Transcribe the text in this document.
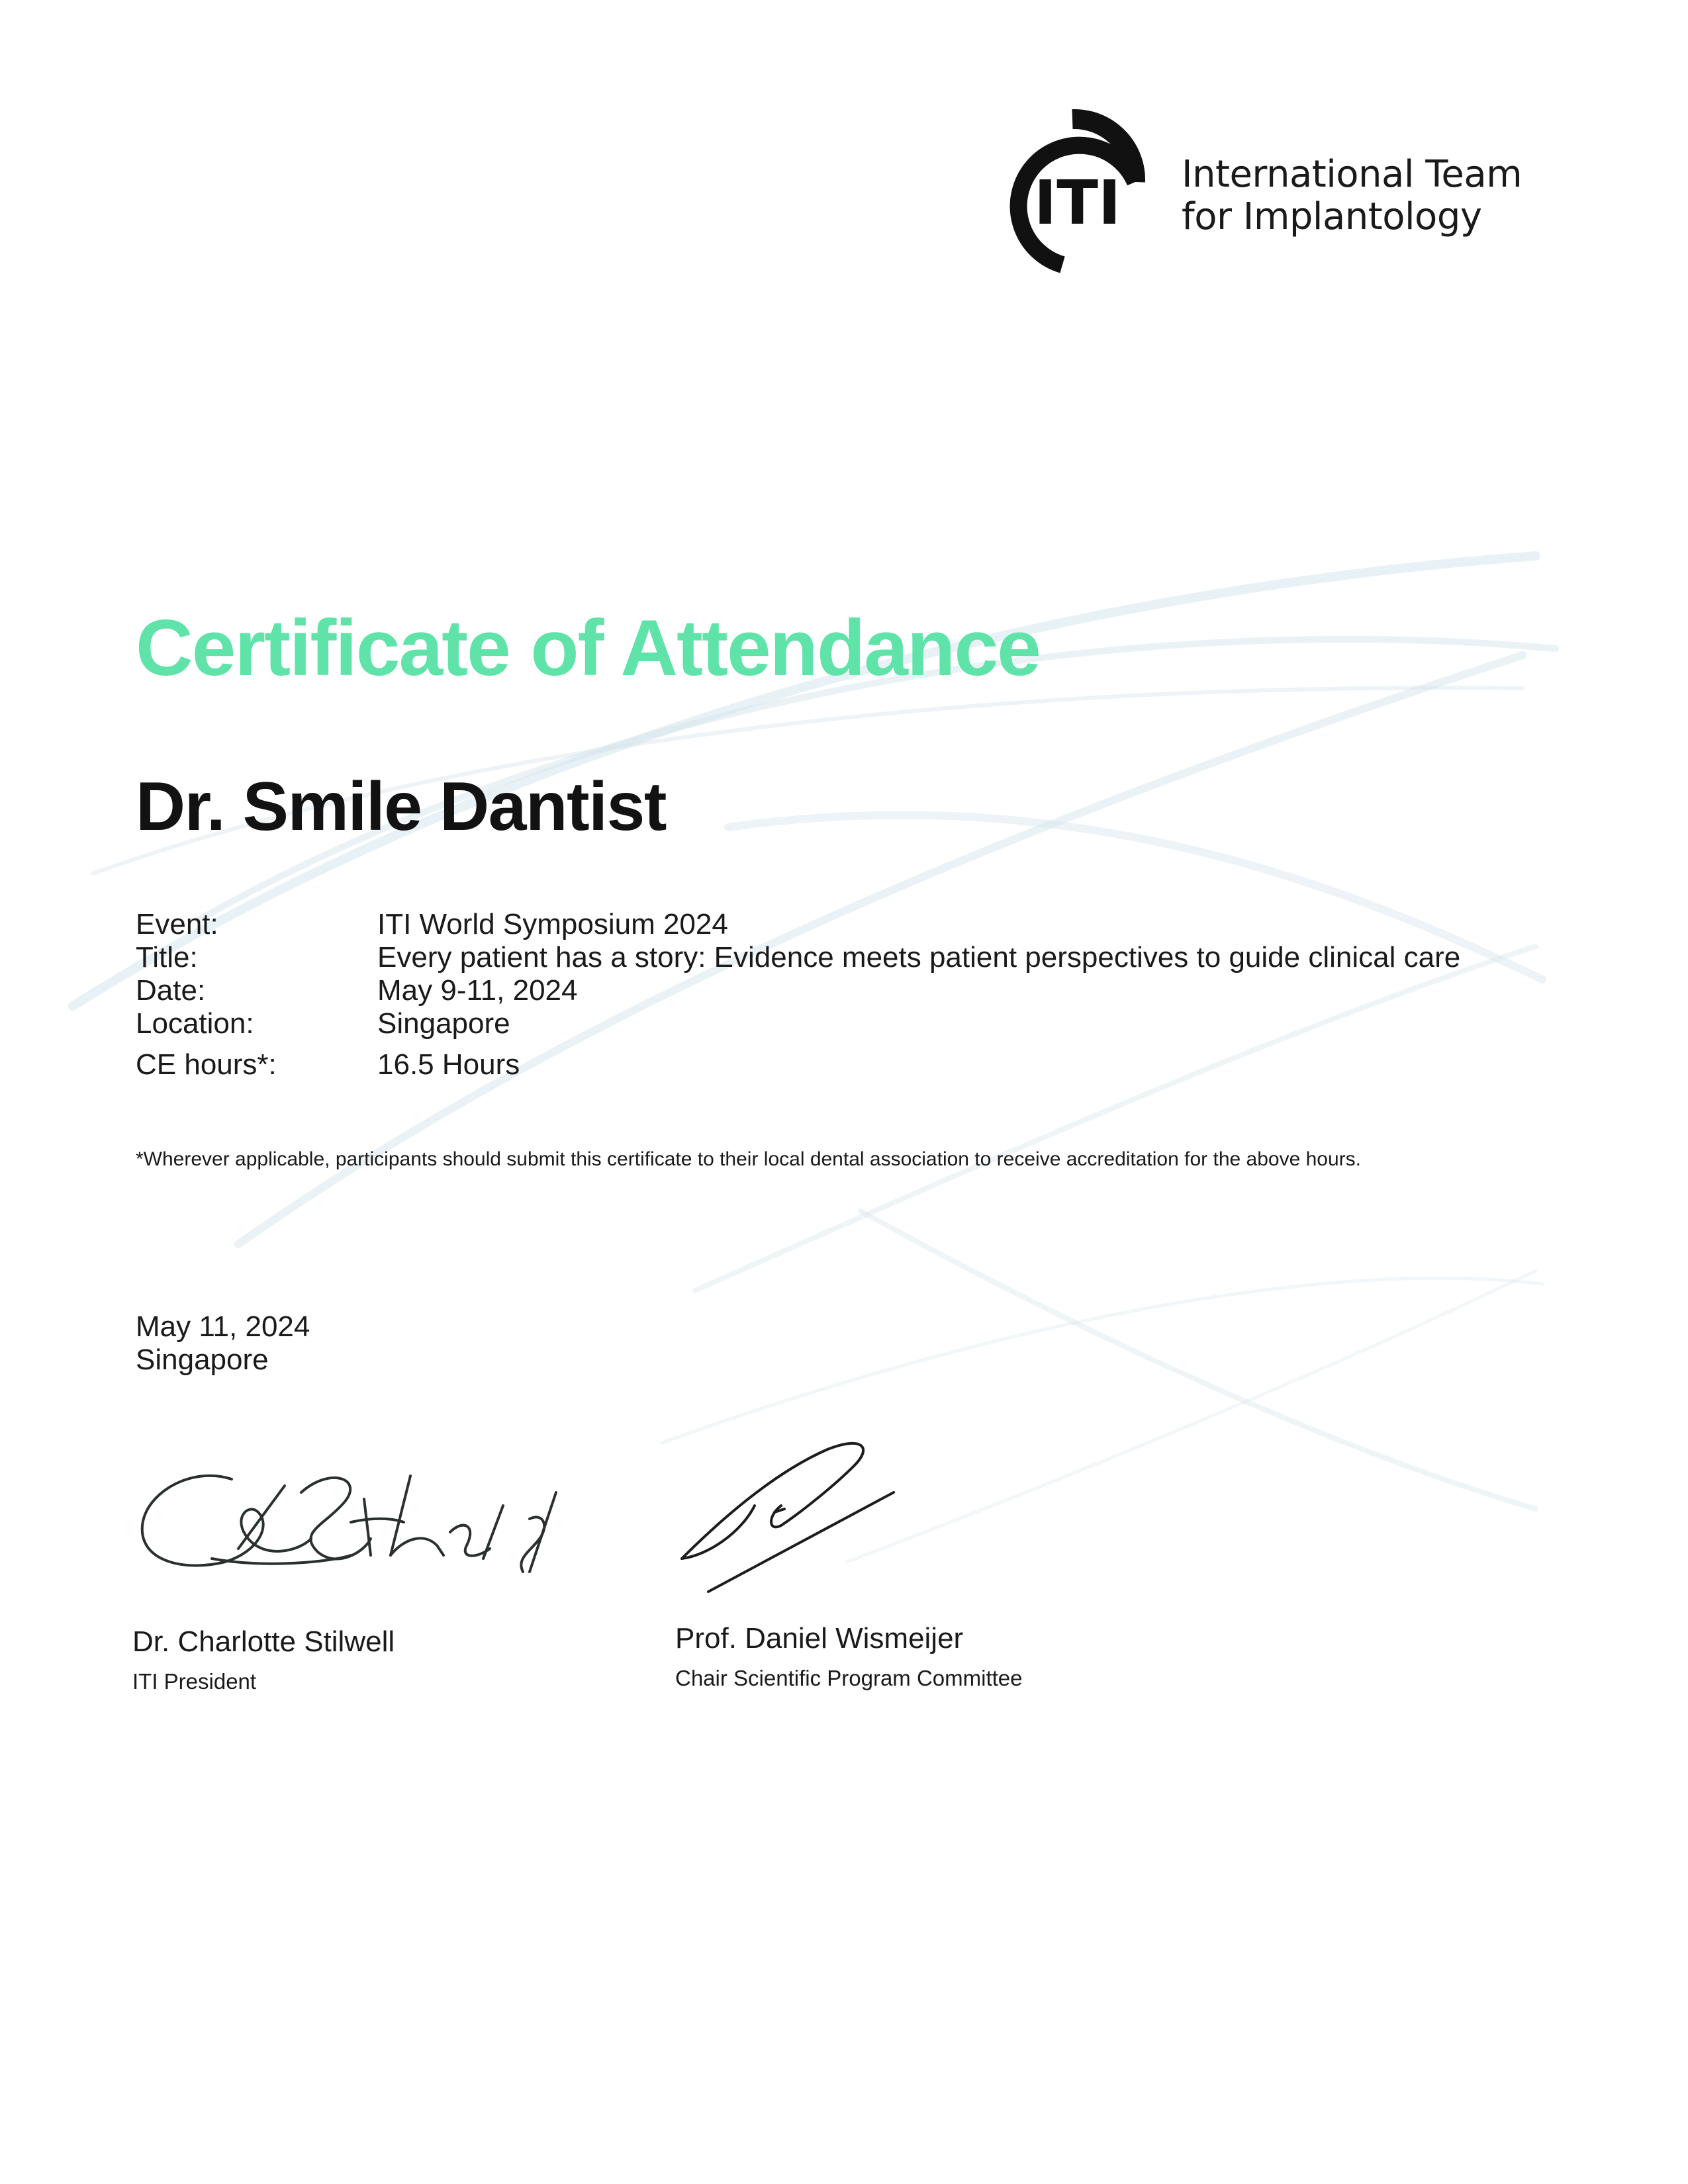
ITI International Team
for Implantology
Certificate of Attendance
Dr. Smile Dantist
Event:	ITI World Symposium 2024
Title:	Every patient has a story: Evidence meets patient perspectives to guide clinical care
Date:	May 9-11, 2024
Location:	Singapore
CE hours*:	16.5 Hours
*Wherever applicable, participants should submit this certificate to their local dental association to receive accreditation for the above hours.
May 11, 2024
Singapore
Dr. Charlotte Stilwell
ITI President
Prof. Daniel Wismeijer
Chair Scientific Program Committee
